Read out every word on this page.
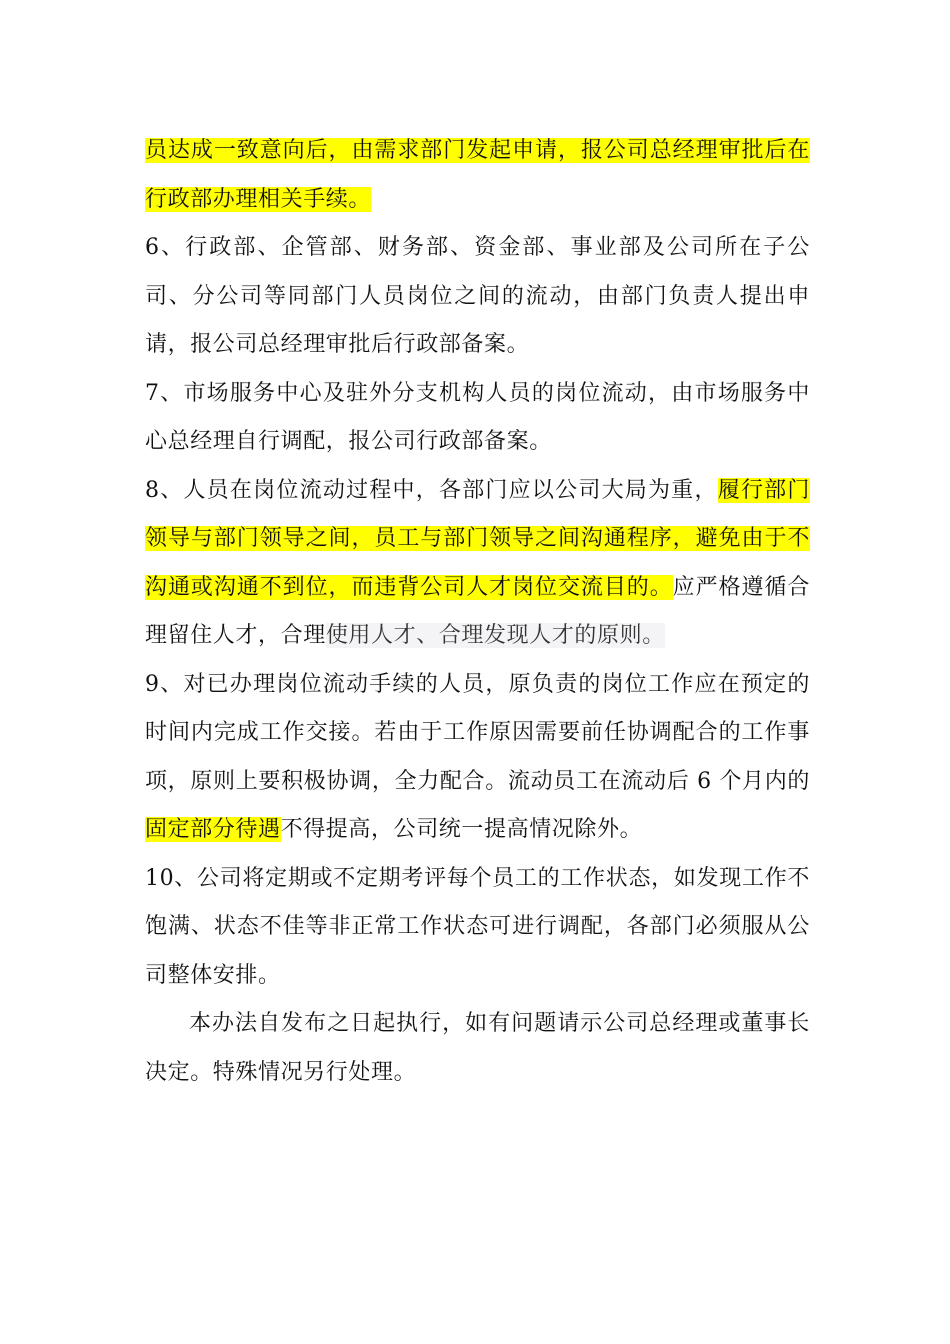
员达成一致意向后，由需求部门发起申请，报公司总经理审批后在行政部办理相关手续。

6、行政部、企管部、财务部、资金部、事业部及公司所在子公司、分公司等同部门人员岗位之间的流动，由部门负责人提出申请，报公司总经理审批后行政部备案。

7、市场服务中心及驻外分支机构人员的岗位流动，由市场服务中心总经理自行调配，报公司行政部备案。

8、人员在岗位流动过程中，各部门应以公司大局为重，履行部门领导与部门领导之间，员工与部门领导之间沟通程序，避免由于不沟通或沟通不到位，而违背公司人才岗位交流目的。应严格遵循合理留住人才，合理使用人才、合理发现人才的原则。

9、对已办理岗位流动手续的人员，原负责的岗位工作应在预定的时间内完成工作交接。若由于工作原因需要前任协调配合的工作事项，原则上要积极协调，全力配合。流动员工在流动后 6 个月内的固定部分待遇不得提高，公司统一提高情况除外。

10、公司将定期或不定期考评每个员工的工作状态，如发现工作不饱满、状态不佳等非正常工作状态可进行调配，各部门必须服从公司整体安排。

本办法自发布之日起执行，如有问题请示公司总经理或董事长决定。特殊情况另行处理。
